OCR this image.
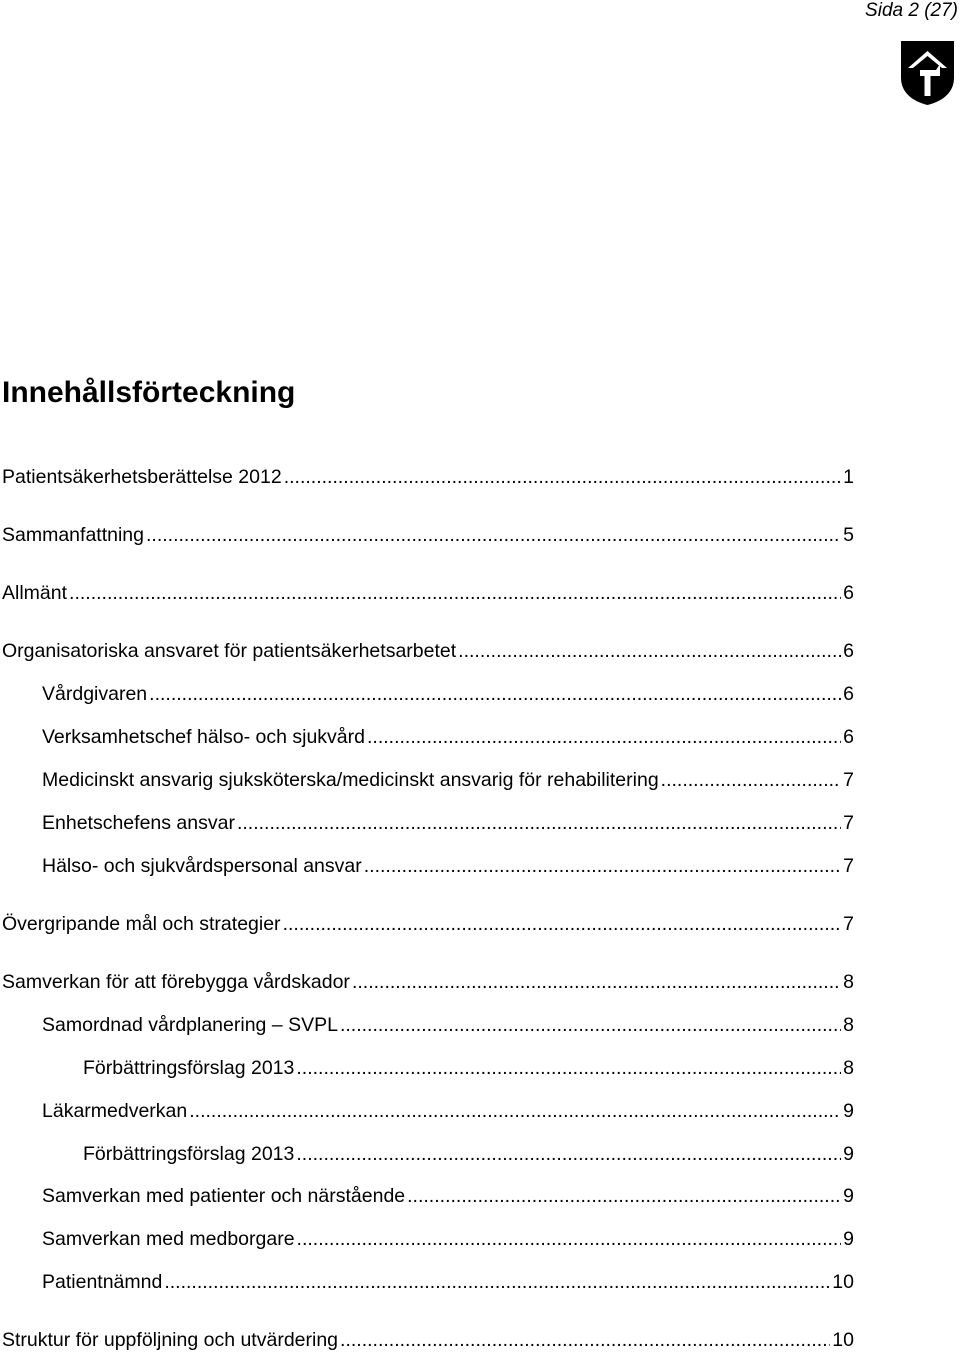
Sida 2 (27)
Innehållsförteckning
Patientsäkerhetsberättelse 2012 .....	1
Sammanfattning .....	5
Allmänt .....	6
Organisatoriska ansvaret för patientsäkerhetsarbetet .....	6
Vårdgivaren .....	6
Verksamhetschef hälso- och sjukvård .....	6
Medicinskt ansvarig sjuksköterska/medicinskt ansvarig för rehabilitering .....	7
Enhetschefens ansvar .....	7
Hälso- och sjukvårdspersonal ansvar .....	7
Övergripande mål och strategier .....	7
Samverkan för att förebygga vårdskador .....	8
Samordnad vårdplanering – SVPL .....	8
Förbättringsförslag 2013 .....	8
Läkarmedverkan .....	9
Förbättringsförslag 2013 .....	9
Samverkan med patienter och närstående .....	9
Samverkan med medborgare .....	9
Patientnämnd .....	10
Struktur för uppföljning och utvärdering .....	10
